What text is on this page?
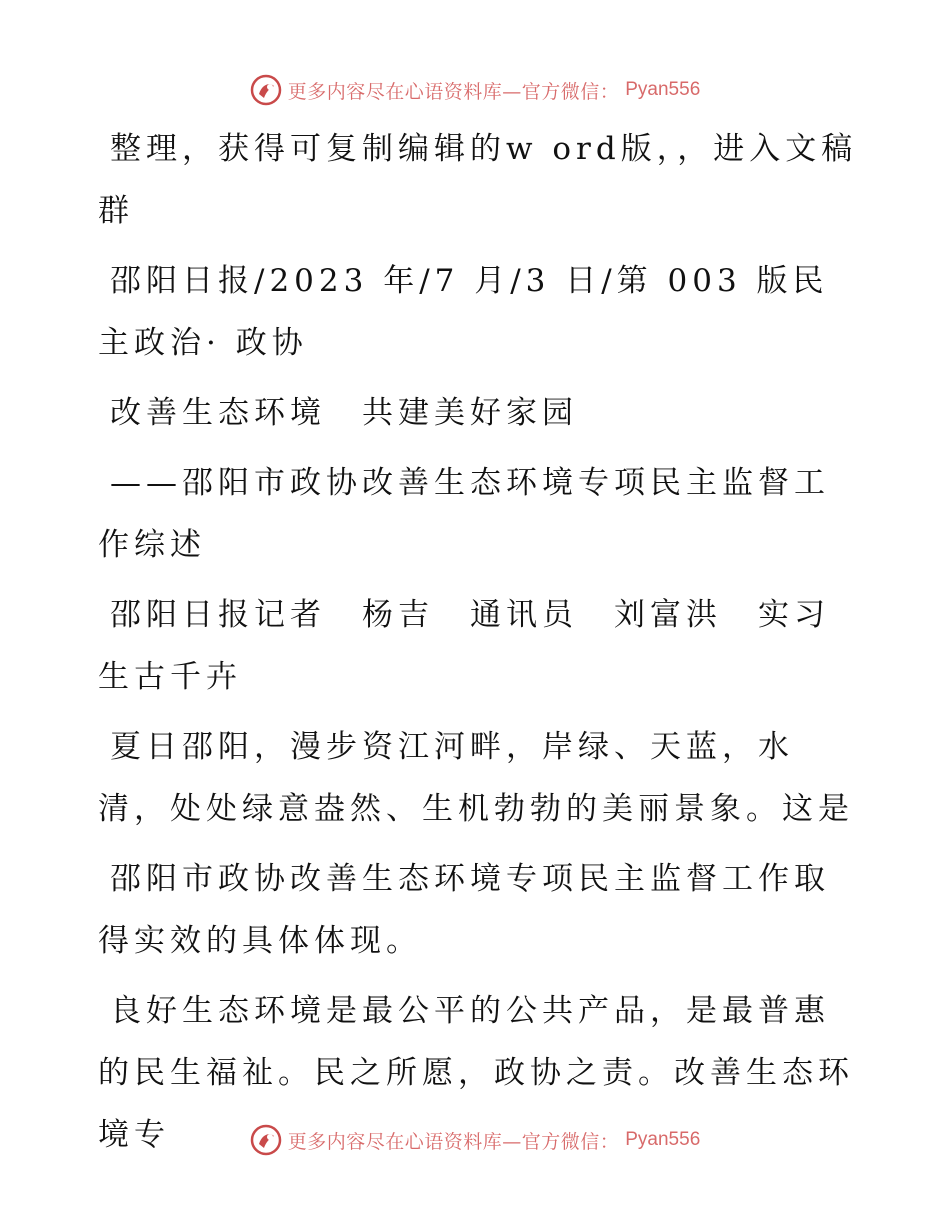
更多内容尽在心语资料库—官方微信： Pyan556

整理，获得可复制编辑的w ord版，，进入文稿群

邵阳日报/2023 年/7 月/3 日/第 003 版民主政治· 政协

改善生态环境　共建美好家园

——邵阳市政协改善生态环境专项民主监督工作综述

邵阳日报记者　杨吉　通讯员　刘富洪　实习生古千卉

夏日邵阳，漫步资江河畔，岸绿、天蓝，水清，处处绿意盎然、生机勃勃的美丽景象。这是

邵阳市政协改善生态环境专项民主监督工作取得实效的具体体现。

良好生态环境是最公平的公共产品，是最普惠的民生福祉。民之所愿，政协之责。改善生态环境专	更多内容尽在心语资料库—官方微信： Pyan556
